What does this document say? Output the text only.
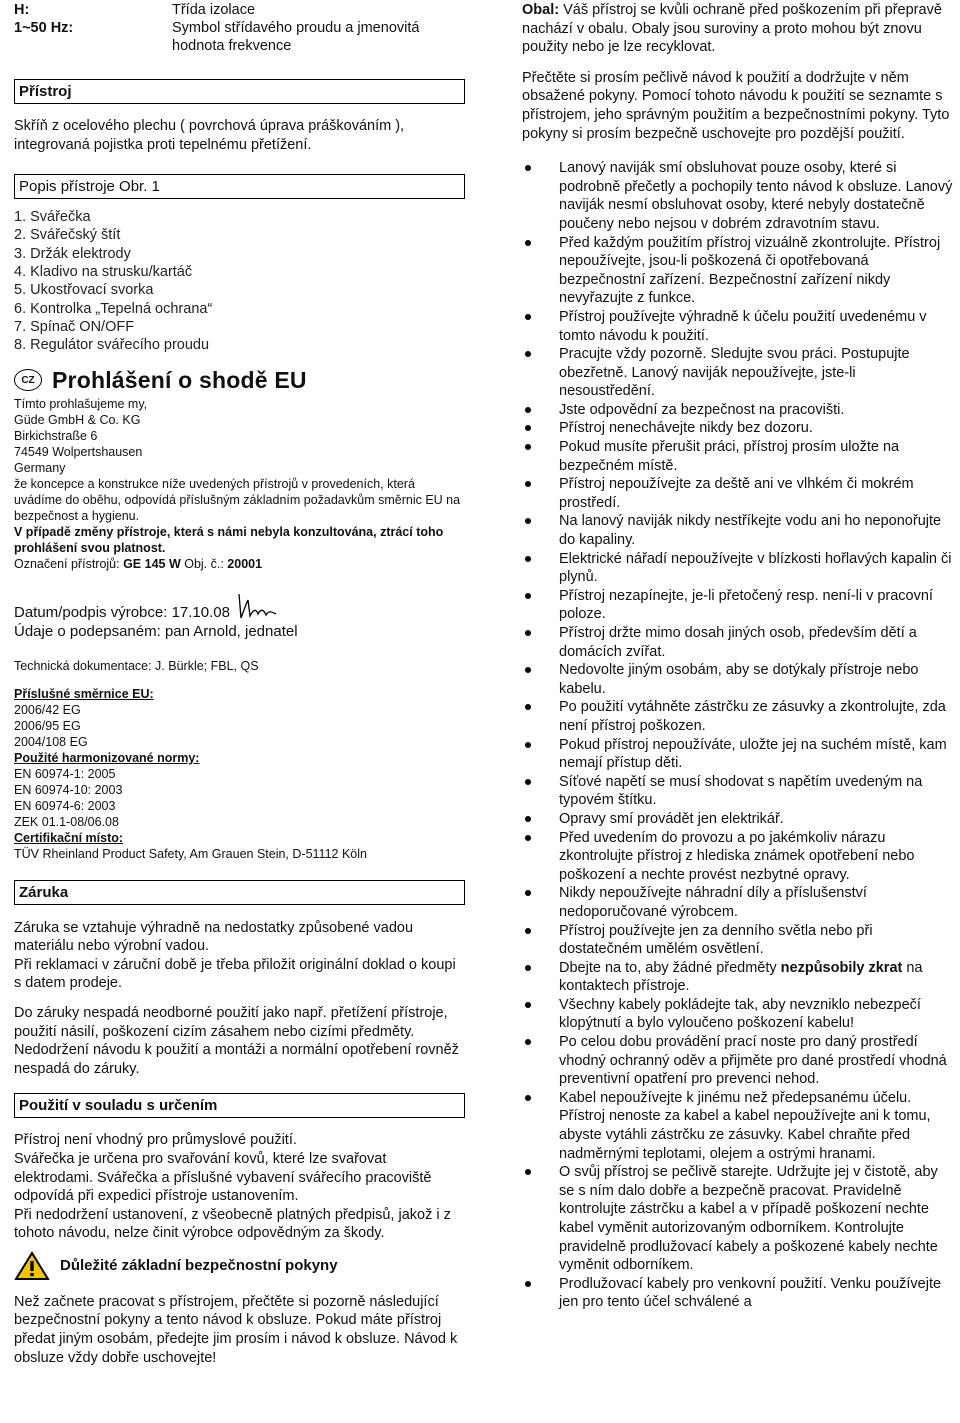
H:	Třída izolace
1~50 Hz:	Symbol střídavého proudu a jmenovitá hodnota frekvence
Přístroj

Skříň z ocelového plechu ( povrchová úprava práškováním ), integrovaná pojistka proti tepelnému přetížení.

Popis přístroje Obr. 1
1. Svářečka
2. Svářečský štít
3. Držák elektrody
4. Kladivo na strusku/kartáč
5. Ukostřovací svorka
6. Kontrolka „Tepelná ochrana“
7. Spínač ON/OFF
8. Regulátor svářecího proudu
CZ Prohlášení o shodě EU

Tímto prohlašujeme my,

Güde GmbH & Co. KG

Birkichstraße 6

74549 Wolpertshausen

Germany

že koncepce a konstrukce níže uvedených přístrojů v provedeních, která uvádíme do oběhu, odpovídá příslušným základním požadavkům směrnic EU na bezpečnost a hygienu.

V případě změny přístroje, která s námi nebyla konzultována, ztrácí toho prohlášení svou platnost.

Označení přístrojů: GE 145 W Obj. č.: 20001

Datum/podpis výrobce: 17.10.08
Údaje o podepsaném: pan Arnold, jednatel

Technická dokumentace: J. Bürkle; FBL, QS

Příslušné směrnice EU:

2006/42 EG

2006/95 EG

2004/108 EG

Použité harmonizované normy:

EN 60974-1: 2005

EN 60974-10: 2003

EN 60974-6: 2003

ZEK 01.1-08/06.08

Certifikační místo:

TÜV Rheinland Product Safety, Am Grauen Stein, D-51112 Köln

Záruka

Záruka se vztahuje výhradně na nedostatky způsobené vadou materiálu nebo výrobní vadou.

Při reklamaci v záruční době je třeba přiložit originální doklad o koupi s datem prodeje.

Do záruky nespadá neodborné použití jako např. přetížení přístroje, použití násilí, poškození cizím zásahem nebo cizími předměty. Nedodržení návodu k použití a montáži a normální opotřebení rovněž nespadá do záruky.

Použití v souladu s určením

Přístroj není vhodný pro průmyslové použití.

Svářečka je určena pro svařování kovů, které lze svařovat elektrodami. Svářečka a příslušné vybavení svářecího pracoviště odpovídá při expedici přístroje ustanovením.

Při nedodržení ustanovení, z všeobecně platných předpisů, jakož i z tohoto návodu, nelze činit výrobce odpovědným za škody.

Důležité základní bezpečnostní pokyny

Než začnete pracovat s přístrojem, přečtěte si pozorně následující bezpečnostní pokyny a tento návod k obsluze. Pokud máte přístroj předat jiným osobám, předejte jim prosím i návod k obsluze. Návod k obsluze vždy dobře uschovejte!

Obal: Váš přístroj se kvůli ochraně před poškozením při přepravě nachází v obalu. Obaly jsou suroviny a proto mohou být znovu použity nebo je lze recyklovat.

Přečtěte si prosím pečlivě návod k použití a dodržujte v něm obsažené pokyny. Pomocí tohoto návodu k použití se seznamte s přístrojem, jeho správným použitím a bezpečnostními pokyny. Tyto pokyny si prosím bezpečně uschovejte pro pozdější použití.

Lanový naviják smí obsluhovat pouze osoby, které si podrobně přečetly a pochopily tento návod k obsluze. Lanový naviják nesmí obsluhovat osoby, které nebyly dostatečně poučeny nebo nejsou v dobrém zdravotním stavu.
Před každým použitím přístroj vizuálně zkontrolujte. Přístroj nepoužívejte, jsou-li poškozená či opotřebovaná bezpečnostní zařízení. Bezpečnostní zařízení nikdy nevyřazujte z funkce.
Přístroj používejte výhradně k účelu použití uvedenému v tomto návodu k použití.
Pracujte vždy pozorně. Sledujte svou práci. Postupujte obezřetně. Lanový naviják nepoužívejte, jste-li nesoustředění.
Jste odpovědní za bezpečnost na pracovišti.
Přístroj nenechávejte nikdy bez dozoru.
Pokud musíte přerušit práci, přístroj prosím uložte na bezpečném místě.
Přístroj nepoužívejte za deště ani ve vlhkém či mokrém prostředí.
Na lanový naviják nikdy nestříkejte vodu ani ho neponořujte do kapaliny.
Elektrické nářadí nepoužívejte v blízkosti hořlavých kapalin či plynů.
Přístroj nezapínejte, je-li přetočený resp. není-li v pracovní poloze.
Přístroj držte mimo dosah jiných osob, především dětí a domácích zvířat.
Nedovolte jiným osobám, aby se dotýkaly přístroje nebo kabelu.
Po použití vytáhněte zástrčku ze zásuvky a zkontrolujte, zda není přístroj poškozen.
Pokud přístroj nepoužíváte, uložte jej na suchém místě, kam nemají přístup děti.
Síťové napětí se musí shodovat s napětím uvedeným na typovém štítku.
Opravy smí provádět jen elektrikář.
Před uvedením do provozu a po jakémkoliv nárazu zkontrolujte přístroj z hlediska známek opotřebení nebo poškození a nechte provést nezbytné opravy.
Nikdy nepoužívejte náhradní díly a příslušenství nedoporučované výrobcem.
Přístroj používejte jen za denního světla nebo při dostatečném umělém osvětlení.
Dbejte na to, aby žádné předměty nezpůsobily zkrat na kontaktech přístroje.
Všechny kabely pokládejte tak, aby nevzniklo nebezpečí klopýtnutí a bylo vyloučeno poškození kabelu!
Po celou dobu provádění prací noste pro daný prostředí vhodný ochranný oděv a přijměte pro dané prostředí vhodná preventivní opatření pro prevenci nehod.
Kabel nepoužívejte k jinému než předepsanému účelu. Přístroj nenoste za kabel a kabel nepoužívejte ani k tomu, abyste vytáhli zástrčku ze zásuvky. Kabel chraňte před nadměrnými teplotami, olejem a ostrými hranami.
O svůj přístroj se pečlivě starejte. Udržujte jej v čistotě, aby se s ním dalo dobře a bezpečně pracovat. Pravidelně kontrolujte zástrčku a kabel a v případě poškození nechte kabel vyměnit autorizovaným odborníkem. Kontrolujte pravidelně prodlužovací kabely a poškozené kabely nechte vyměnit odborníkem.
Prodlužovací kabely pro venkovní použití. Venku používejte jen pro tento účel schválené a
